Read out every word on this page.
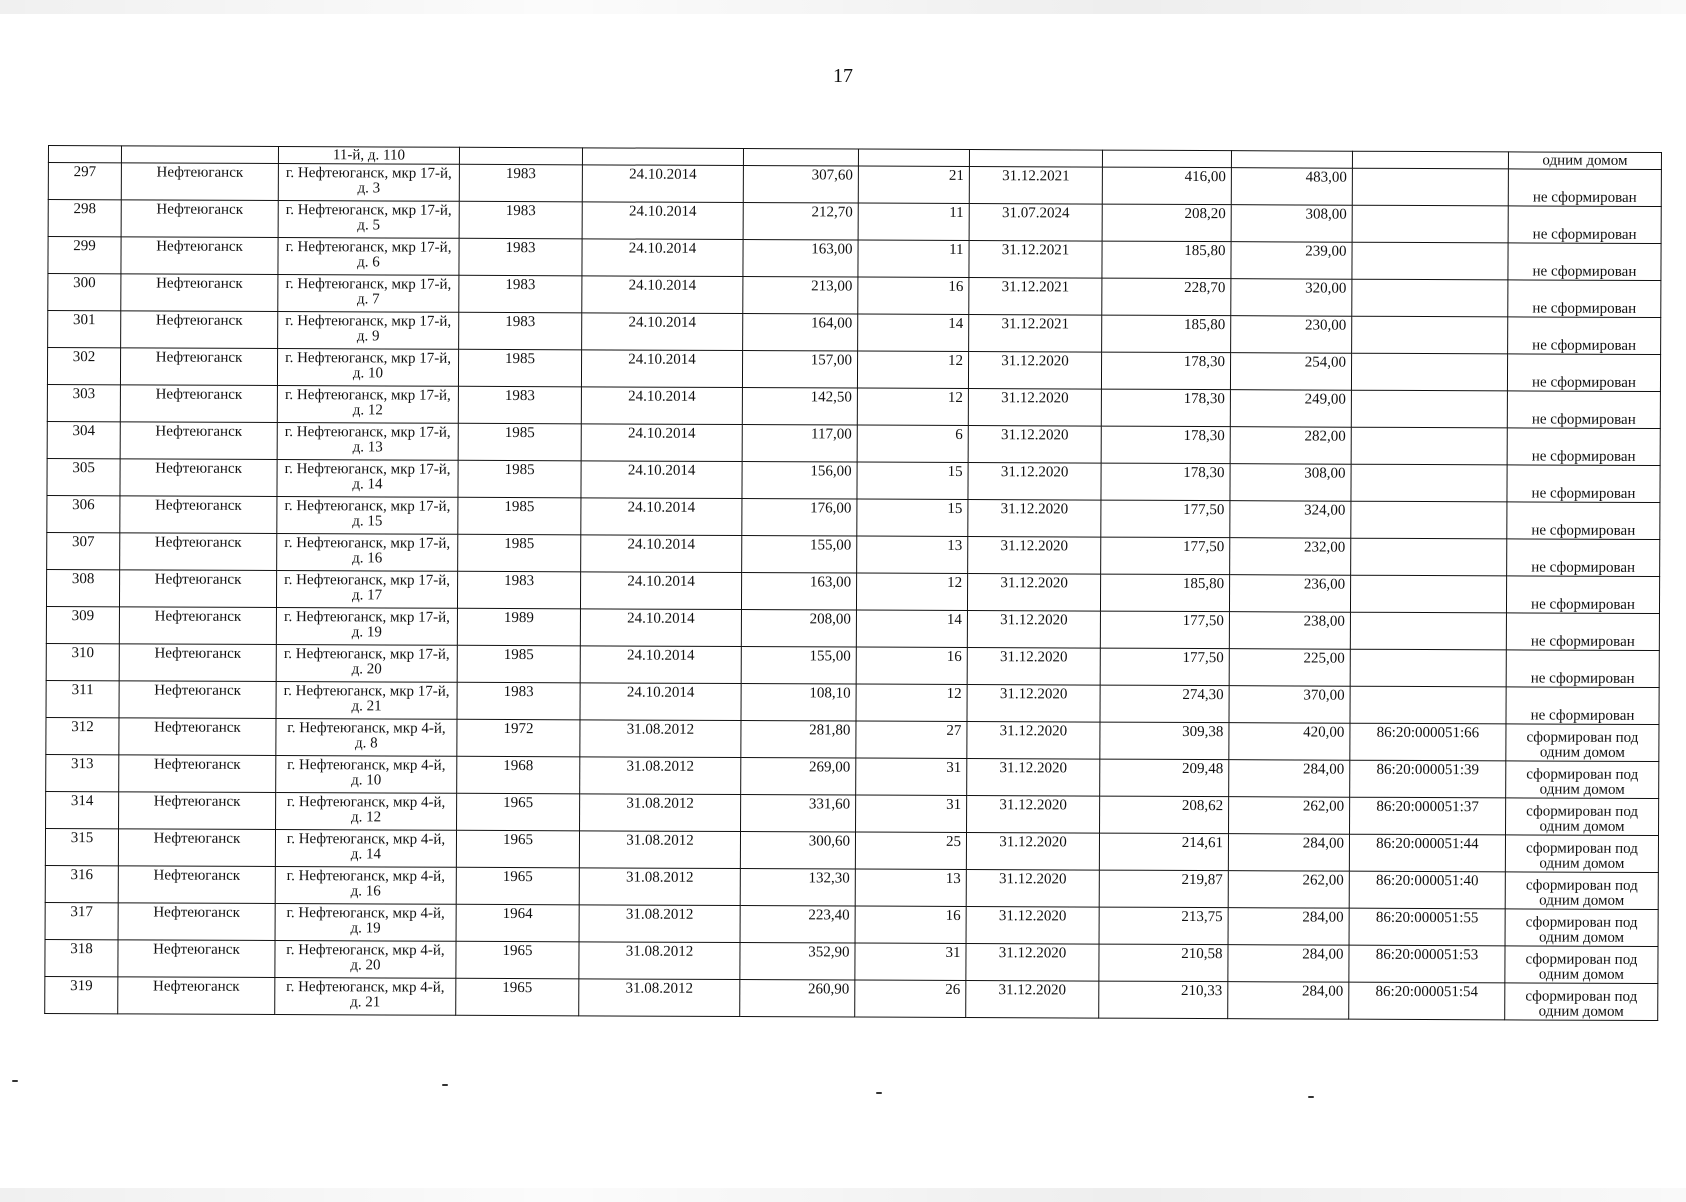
17
		11-й, д. 110									одним домом
297	Нефтеюганск	г. Нефтеюганск, мкр 17-й, д. 3	1983	24.10.2014	307,60	21	31.12.2021	416,00	483,00		не сформирован
298	Нефтеюганск	г. Нефтеюганск, мкр 17-й, д. 5	1983	24.10.2014	212,70	11	31.07.2024	208,20	308,00		не сформирован
299	Нефтеюганск	г. Нефтеюганск, мкр 17-й, д. 6	1983	24.10.2014	163,00	11	31.12.2021	185,80	239,00		не сформирован
300	Нефтеюганск	г. Нефтеюганск, мкр 17-й, д. 7	1983	24.10.2014	213,00	16	31.12.2021	228,70	320,00		не сформирован
301	Нефтеюганск	г. Нефтеюганск, мкр 17-й, д. 9	1983	24.10.2014	164,00	14	31.12.2021	185,80	230,00		не сформирован
302	Нефтеюганск	г. Нефтеюганск, мкр 17-й, д. 10	1985	24.10.2014	157,00	12	31.12.2020	178,30	254,00		не сформирован
303	Нефтеюганск	г. Нефтеюганск, мкр 17-й, д. 12	1983	24.10.2014	142,50	12	31.12.2020	178,30	249,00		не сформирован
304	Нефтеюганск	г. Нефтеюганск, мкр 17-й, д. 13	1985	24.10.2014	117,00	6	31.12.2020	178,30	282,00		не сформирован
305	Нефтеюганск	г. Нефтеюганск, мкр 17-й, д. 14	1985	24.10.2014	156,00	15	31.12.2020	178,30	308,00		не сформирован
306	Нефтеюганск	г. Нефтеюганск, мкр 17-й, д. 15	1985	24.10.2014	176,00	15	31.12.2020	177,50	324,00		не сформирован
307	Нефтеюганск	г. Нефтеюганск, мкр 17-й, д. 16	1985	24.10.2014	155,00	13	31.12.2020	177,50	232,00		не сформирован
308	Нефтеюганск	г. Нефтеюганск, мкр 17-й, д. 17	1983	24.10.2014	163,00	12	31.12.2020	185,80	236,00		не сформирован
309	Нефтеюганск	г. Нефтеюганск, мкр 17-й, д. 19	1989	24.10.2014	208,00	14	31.12.2020	177,50	238,00		не сформирован
310	Нефтеюганск	г. Нефтеюганск, мкр 17-й, д. 20	1985	24.10.2014	155,00	16	31.12.2020	177,50	225,00		не сформирован
311	Нефтеюганск	г. Нефтеюганск, мкр 17-й, д. 21	1983	24.10.2014	108,10	12	31.12.2020	274,30	370,00		не сформирован
312	Нефтеюганск	г. Нефтеюганск, мкр 4-й, д. 8	1972	31.08.2012	281,80	27	31.12.2020	309,38	420,00	86:20:000051:66	сформирован под одним домом
313	Нефтеюганск	г. Нефтеюганск, мкр 4-й, д. 10	1968	31.08.2012	269,00	31	31.12.2020	209,48	284,00	86:20:000051:39	сформирован под одним домом
314	Нефтеюганск	г. Нефтеюганск, мкр 4-й, д. 12	1965	31.08.2012	331,60	31	31.12.2020	208,62	262,00	86:20:000051:37	сформирован под одним домом
315	Нефтеюганск	г. Нефтеюганск, мкр 4-й, д. 14	1965	31.08.2012	300,60	25	31.12.2020	214,61	284,00	86:20:000051:44	сформирован под одним домом
316	Нефтеюганск	г. Нефтеюганск, мкр 4-й, д. 16	1965	31.08.2012	132,30	13	31.12.2020	219,87	262,00	86:20:000051:40	сформирован под одним домом
317	Нефтеюганск	г. Нефтеюганск, мкр 4-й, д. 19	1964	31.08.2012	223,40	16	31.12.2020	213,75	284,00	86:20:000051:55	сформирован под одним домом
318	Нефтеюганск	г. Нефтеюганск, мкр 4-й, д. 20	1965	31.08.2012	352,90	31	31.12.2020	210,58	284,00	86:20:000051:53	сформирован под одним домом
319	Нефтеюганск	г. Нефтеюганск, мкр 4-й, д. 21	1965	31.08.2012	260,90	26	31.12.2020	210,33	284,00	86:20:000051:54	сформирован под одним домом
